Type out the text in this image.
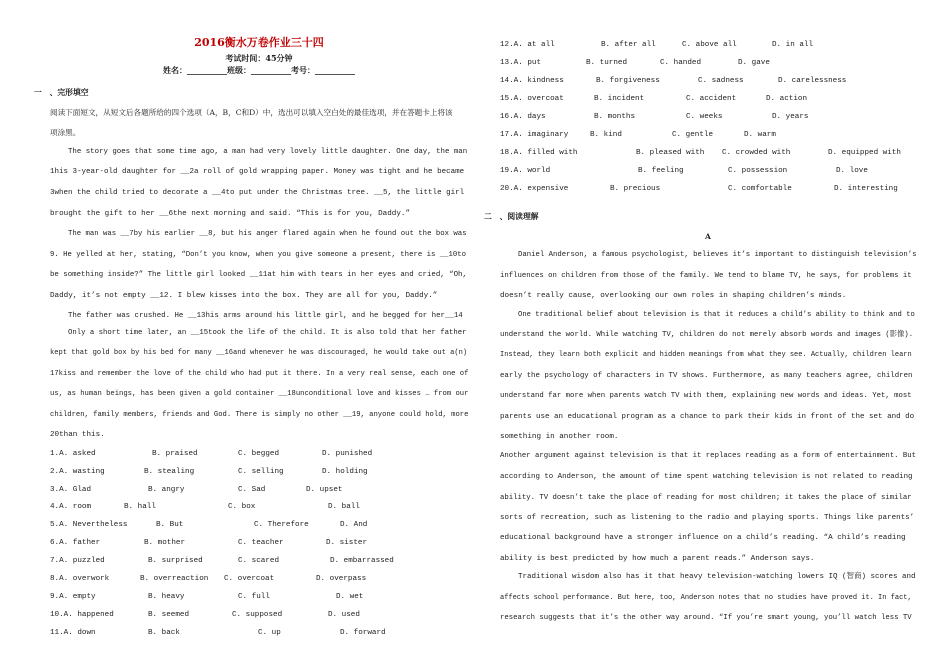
2016衡水万卷作业三十四
考试时间：45分钟
姓名：__________班级：__________考号：__________
一　、完形填空
阅读下面短文，从短文后各题所给的四个选项（A，B，C和D）中，选出可以填入空白处的最佳选项，并在答题卡上将该
项涂黑。
The story goes that some time ago, a man had very lovely little daughter. One day, the man
1his 3-year-old daughter for __2a roll of gold wrapping paper. Money was tight and he became
3when the child tried to decorate a __4to put under the Christmas tree. __5, the little girl
brought the gift to her __6the next morning and said. “This is for you, Daddy.”
The man was __7by his earlier __8, but his anger flared again when he found out the box was
9. He yelled at her, stating, “Don’t you know, when you give someone a present, there is __10to
be something inside?” The little girl looked __11at him with tears in her eyes and cried, “Oh,
Daddy, it’s not empty __12. I blew kisses into the box. They are all for you, Daddy.”
The father was crushed. He __13his arms around his little girl, and he begged for her__14
Only a short time later, an __15took the life of the child. It is also told that her father
kept that gold box by his bed for many __16and whenever he was discouraged, he would take out a(n)
17kiss and remember the love of the child who had put it there. In a very real sense, each one of
us, as human beings, has been given a gold container __18unconditional love and kisses … from our
children, family members, friends and God. There is simply no other __19, anyone could hold, more
20than this.
1.A. asked	B. praised	C. begged	D. punished
2.A. wasting	B. stealing	C. selling	D. holding
3.A. Glad	B. angry	C. Sad	D. upset
4.A. room	B. hall	C. box	D. ball
5.A. Nevertheless	B. But	C. Therefore	D. And
6.A. father	B. mother	C. teacher	D. sister
7.A. puzzled	B. surprised	C. scared	D. embarrassed
8.A. overwork	B. overreaction C. overcoat	D. overpass
9.A. empty	B. heavy	C. full	D. wet
10.A. happened	B. seemed	C. supposed	D. used
11.A. down	B. back	C. up	D. forward
12.A. at all	B. after all	C. above all	D. in all
13.A. put	B. turned	C. handed	D. gave
14.A. kindness	B. forgiveness	C. sadness	D. carelessness
15.A. overcoat	B. incident	C. accident	D. action
16.A. days	B. months	C. weeks	D. years
17.A. imaginary	B. kind	C. gentle	D. warm
18.A. filled with	B. pleased with C. crowded with	D. equipped with
19.A. world	B. feeling	C. possession	D. love
20.A. expensive	B. precious	C. comfortable	D. interesting
二　、阅读理解
A
Daniel Anderson, a famous psychologist, believes it’s important to distinguish television’s
influences on children from those of the family. We tend to blame TV, he says, for problems it
doesn’t really cause, overlooking our own roles in shaping children’s minds.
One traditional belief about television is that it reduces a child’s ability to think and to
understand the world. While watching TV, children do not merely absorb words and images (影像).
Instead, they learn both explicit and hidden meanings from what they see. Actually, children learn
early the psychology of characters in TV shows. Furthermore, as many teachers agree, children
understand far more when parents watch TV with them, explaining new words and ideas. Yet, most
parents use an educational program as a chance to park their kids in front of the set and do
something in another room.
Another argument against television is that it replaces reading as a form of entertainment. But
according to Anderson, the amount of time spent watching television is not related to reading
ability. TV doesn’t take the place of reading for most children; it takes the place of similar
sorts of recreation, such as listening to the radio and playing sports. Things like parents’
educational background have a stronger influence on a child’s reading. “A child’s reading
ability is best predicted by how much a parent reads.” Anderson says.
Traditional wisdom also has it that heavy television-watching lowers IQ (智商) scores and
affects school performance. But here, too, Anderson notes that no studies have proved it. In fact,
research suggests that it’s the other way around. “If you’re smart young, you’ll watch less TV
